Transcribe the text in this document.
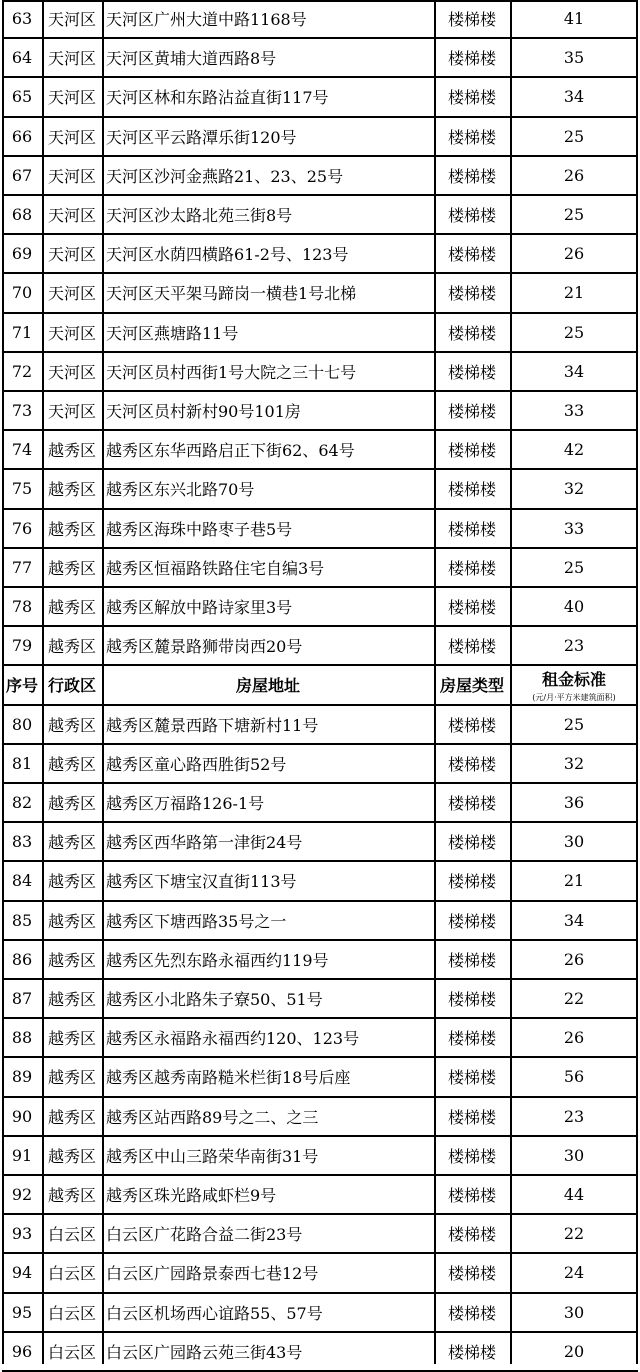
63 天河区 天河区广州大道中路1168号	楼梯楼	41
64 天河区 天河区黄埔大道西路8号	楼梯楼	35
65 天河区 天河区林和东路沾益直街117号	楼梯楼	34
66 天河区 天河区平云路潭乐街120号	楼梯楼	25
67 天河区 天河区沙河金燕路21、23、25号	楼梯楼	26
68 天河区 天河区沙太路北苑三街8号	楼梯楼	25
69 天河区 天河区水荫四横路61-2号、123号	楼梯楼	26
70 天河区 天河区天平架马蹄岗一横巷1号北梯	楼梯楼	21
71 天河区 天河区燕塘路11号	楼梯楼	25
72 天河区 天河区员村西街1号大院之三十七号	楼梯楼	34
73 天河区 天河区员村新村90号101房	楼梯楼	33
74 越秀区 越秀区东华西路启正下街62、64号	楼梯楼	42
75 越秀区 越秀区东兴北路70号	楼梯楼	32
76 越秀区 越秀区海珠中路枣子巷5号	楼梯楼	33
77 越秀区 越秀区恒福路铁路住宅自编3号	楼梯楼	25
78 越秀区 越秀区解放中路诗家里3号	楼梯楼	40
79 越秀区 越秀区麓景路狮带岗西20号	楼梯楼	23
序号 行政区	房屋地址	房屋类型	租金标准
(元/月·平方米建筑面积)
80 越秀区 越秀区麓景西路下塘新村11号	楼梯楼	25
81 越秀区 越秀区童心路西胜街52号	楼梯楼	32
82 越秀区 越秀区万福路126-1号	楼梯楼	36
83 越秀区 越秀区西华路第一津街24号	楼梯楼	30
84 越秀区 越秀区下塘宝汉直街113号	楼梯楼	21
85 越秀区 越秀区下塘西路35号之一	楼梯楼	34
86 越秀区 越秀区先烈东路永福西约119号	楼梯楼	26
87 越秀区 越秀区小北路朱子寮50、51号	楼梯楼	22
88 越秀区 越秀区永福路永福西约120、123号	楼梯楼	26
89 越秀区 越秀区越秀南路糙米栏街18号后座	楼梯楼	56
90 越秀区 越秀区站西路89号之二、之三	楼梯楼	23
91 越秀区 越秀区中山三路荣华南街31号	楼梯楼	30
92 越秀区 越秀区珠光路咸虾栏9号	楼梯楼	44
93 白云区 白云区广花路合益二街23号	楼梯楼	22
94 白云区 白云区广园路景泰西七巷12号	楼梯楼	24
95 白云区 白云区机场西心谊路55、57号	楼梯楼	30
96 白云区 白云区广园路云苑三街43号	楼梯楼	20
